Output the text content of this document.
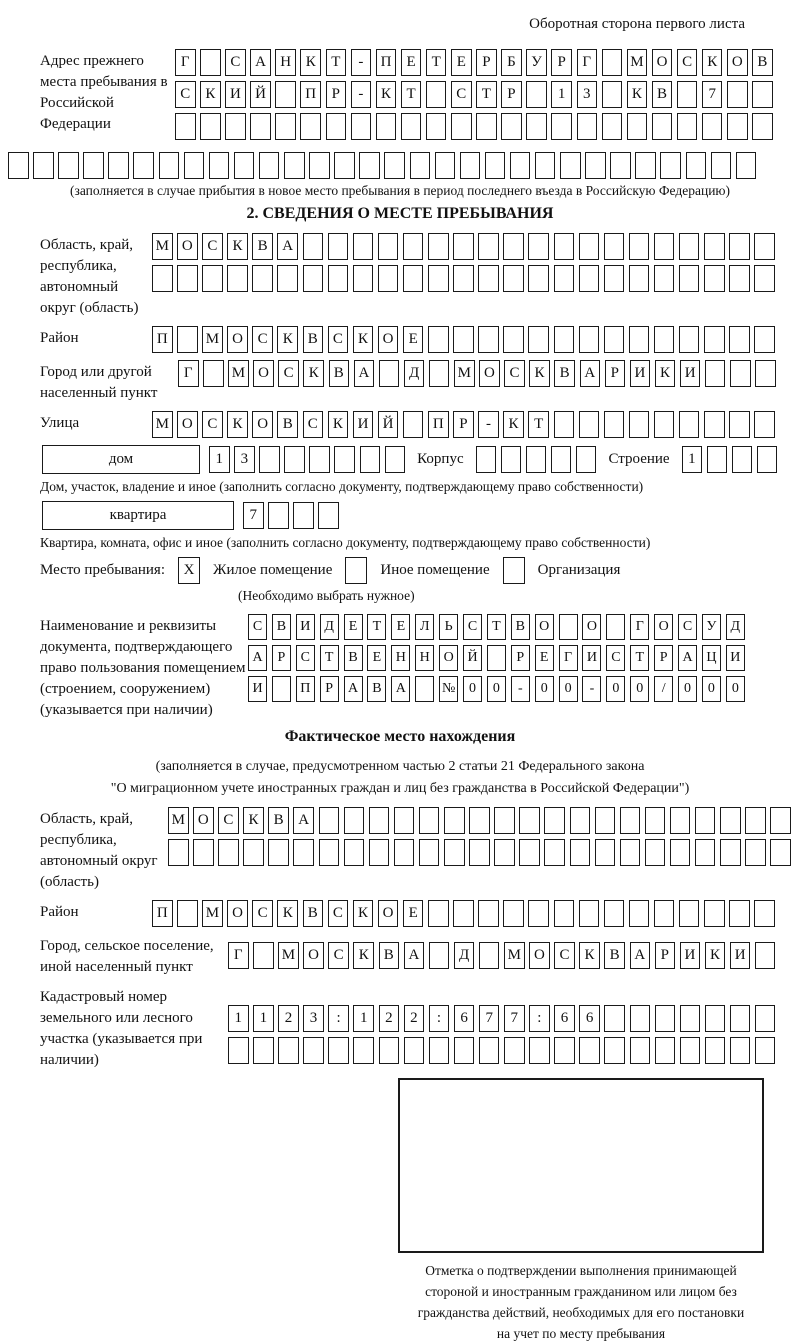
Оборотная сторона первого листа
Адрес прежнего места пребывания в Российской Федерации
Г	С А Н К	Т	-	П	Е	Т	Е	Р	Б	У	Р	Г	М О С	К О В
С	К И Й	П	Р	-	К	Т	С	Т	Р	1	3	К	В	7
(заполняется в случае прибытия в новое место пребывания в период последнего въезда в Российскую Федерацию)
2. СВЕДЕНИЯ О МЕСТЕ ПРЕБЫВАНИЯ
Область, край, республика, автономный округ (область)
М О С	К	В А
Район	П	М О С	К	В	С	К О	Е
Город или другой населенный пункт
Г	М О С	К	В А	Д	М О С	К	В А	Р	И К И
Улица	М О С	К О В	С	К И Й	П	Р	-	К	Т
дом	1	3	Корпус	Строение	1
Дом, участок, владение и иное (заполнить согласно документу, подтверждающему право собственности)
квартира	7
Квартира, комната, офис и иное (заполнить согласно документу, подтверждающему право собственности)
Место пребывания:	X	Жилое помещение	Иное помещение	Организация
(Необходимо выбрать нужное)
Наименование и реквизиты документа, подтверждающего право пользования помещением (строением, сооружением) (указывается при наличии)
С	В	И	Д	Е	Т	Е	Л	Ь	С	Т	В	О	О	Г	О	С	У	Д
А	Р	С	Т	В	Е	Н Н О Й	Р	Е	Г	И	С	Т	Р	А Ц И
И	П	Р	А	В	А	№ 0	0	-	0	0	-	0	0	/	0	0	0
Фактическое место нахождения
(заполняется в случае, предусмотренном частью 2 статьи 21 Федерального закона
"О миграционном учете иностранных граждан и лиц без гражданства в Российской Федерации")
Область, край, республика, автономный округ (область)
М О С	К	В А
Район	П	М О С	К	В	С	К О	Е
Город, сельское поселение, иной населенный пункт
Г	М О С	К	В А	Д	М О С	К	В А	Р	И К И
Кадастровый номер земельного или лесного участка (указывается при наличии)
1	1	2	3	:	1	2	2	:	6	7	7	:	6	6
Отметка о подтверждении выполнения принимающей
стороной и иностранным гражданином или лицом без
гражданства действий, необходимых для его постановки
на учет по месту пребывания
